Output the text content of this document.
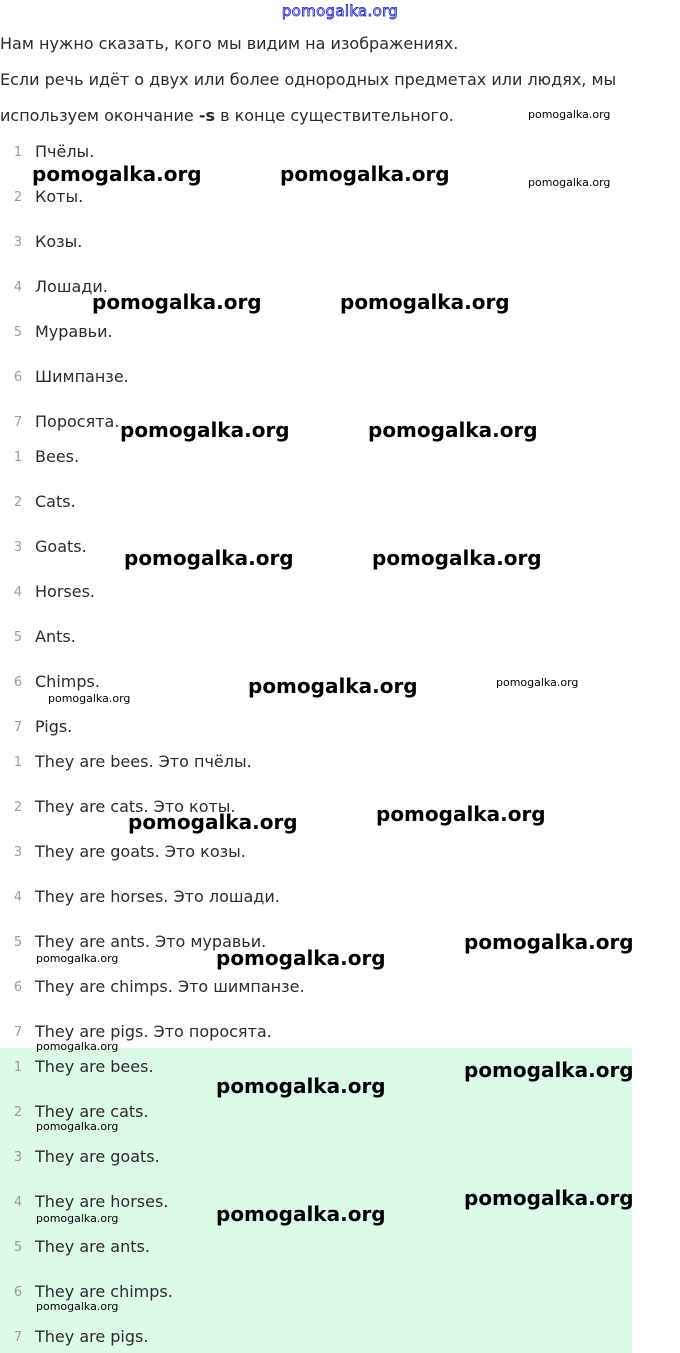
pomogalka.org
Нам нужно сказать, кого мы видим на изображениях.
Если речь идёт о двух или более однородных предметах или людях, мы
используем окончание -s в конце существительного.
1 Пчёлы.
2 Коты.
3 Козы.
4 Лошади.
5 Муравьи.
6 Шимпанзе.
7 Поросята.
1 Bees.
2 Cats.
3 Goats.
4 Horses.
5 Ants.
6 Chimps.
7 Pigs.
1 They are bees. Это пчёлы.
2 They are cats. Это коты.
3 They are goats. Это козы.
4 They are horses. Это лошади.
5 They are ants. Это муравьи.
6 They are chimps. Это шимпанзе.
7 They are pigs. Это поросята.
1 They are bees.
2 They are cats.
3 They are goats.
4 They are horses.
5 They are ants.
6 They are chimps.
7 They are pigs.
pomogalka.org
pomogalka.org	pomogalka.org	pomogalka.org
pomogalka.org	pomogalka.org
pomogalka.org	pomogalka.org
pomogalka.org	pomogalka.org
pomogalka.org	pomogalka.org
pomogalka.org
pomogalka.org
pomogalka.org
pomogalka.org
pomogalka.org
pomogalka.org
pomogalka.org
pomogalka.org
pomogalka.org
pomogalka.org
pomogalka.org
pomogalka.org
pomogalka.org
pomogalka.org
